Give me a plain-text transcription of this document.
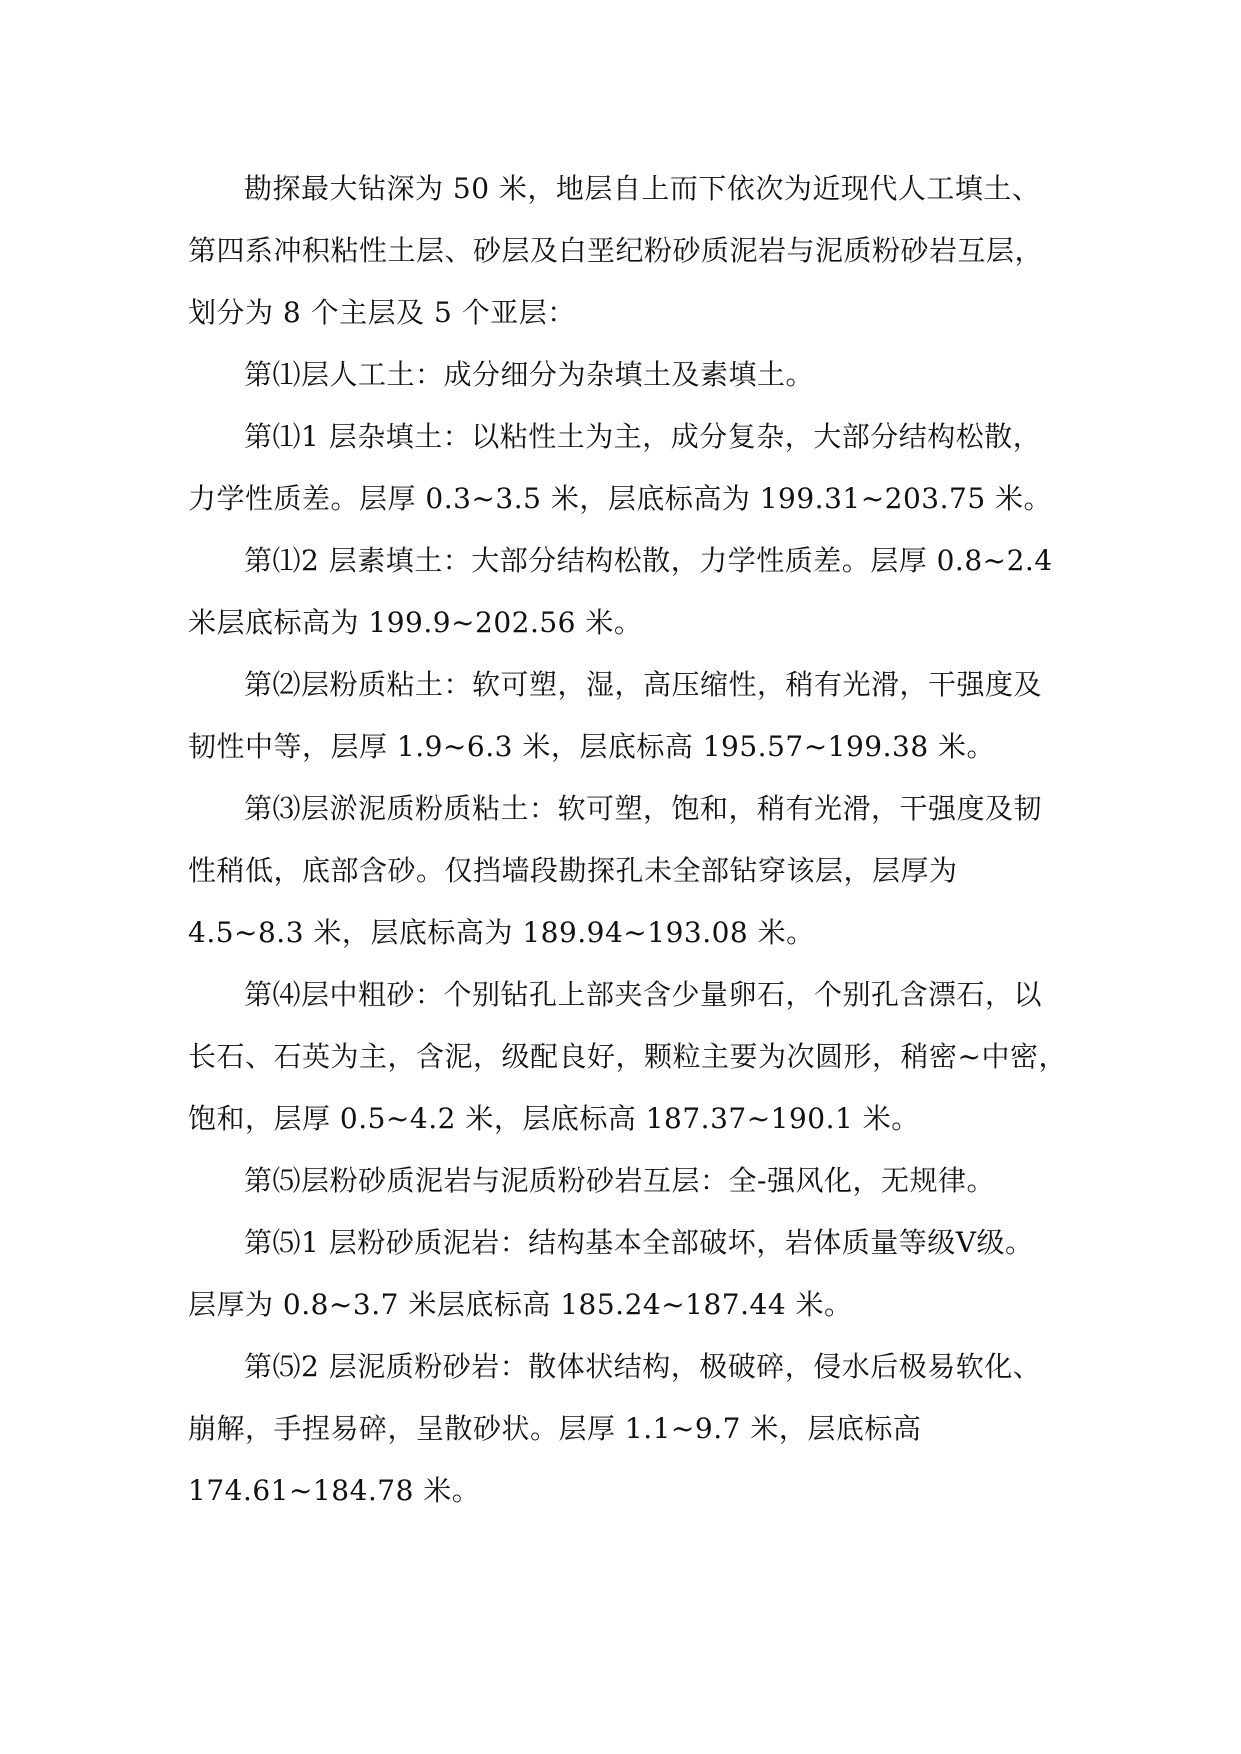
勘探最大钻深为 50 米，地层自上而下依次为近现代人工填土、
第四系冲积粘性土层、砂层及白垩纪粉砂质泥岩与泥质粉砂岩互层，
划分为 8 个主层及 5 个亚层：

第⑴层人工土：成分细分为杂填土及素填土。

第⑴1 层杂填土：以粘性土为主，成分复杂，大部分结构松散，
力学性质差。层厚 0.3~3.5 米，层底标高为 199.31~203.75 米。

第⑴2 层素填土：大部分结构松散，力学性质差。层厚 0.8~2.4
米层底标高为 199.9~202.56 米。

第⑵层粉质粘土：软可塑，湿，高压缩性，稍有光滑，干强度及
韧性中等，层厚 1.9~6.3 米，层底标高 195.57~199.38 米。

第⑶层淤泥质粉质粘土：软可塑，饱和，稍有光滑，干强度及韧
性稍低，底部含砂。仅挡墙段勘探孔未全部钻穿该层，层厚为
4.5~8.3 米，层底标高为 189.94~193.08 米。

第⑷层中粗砂：个别钻孔上部夹含少量卵石，个别孔含漂石，以
长石、石英为主，含泥，级配良好，颗粒主要为次圆形，稍密~中密，
饱和，层厚 0.5~4.2 米，层底标高 187.37~190.1 米。

第⑸层粉砂质泥岩与泥质粉砂岩互层：全-强风化，无规律。

第⑸1 层粉砂质泥岩：结构基本全部破坏，岩体质量等级Ⅴ级。
层厚为 0.8~3.7 米层底标高 185.24~187.44 米。

第⑸2 层泥质粉砂岩：散体状结构，极破碎，侵水后极易软化、
崩解，手捏易碎，呈散砂状。层厚 1.1~9.7 米，层底标高
174.61~184.78 米。
